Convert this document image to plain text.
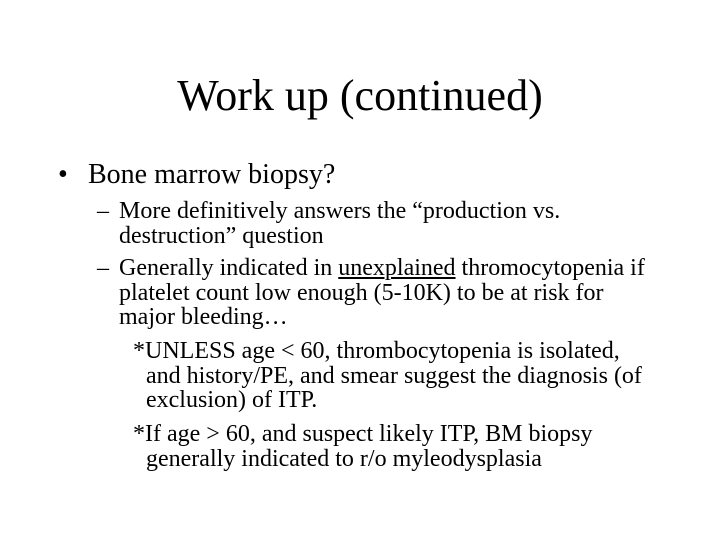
Work up (continued)
• Bone marrow biopsy?
– More definitively answers the “production vs.
destruction” question
– Generally indicated in unexplained thromocytopenia if
platelet count low enough (5-10K) to be at risk for
major bleeding…
*UNLESS age < 60, thrombocytopenia is isolated,
and history/PE, and smear suggest the diagnosis (of
exclusion) of ITP.
*If age > 60, and suspect likely ITP, BM biopsy
generally indicated to r/o myleodysplasia
